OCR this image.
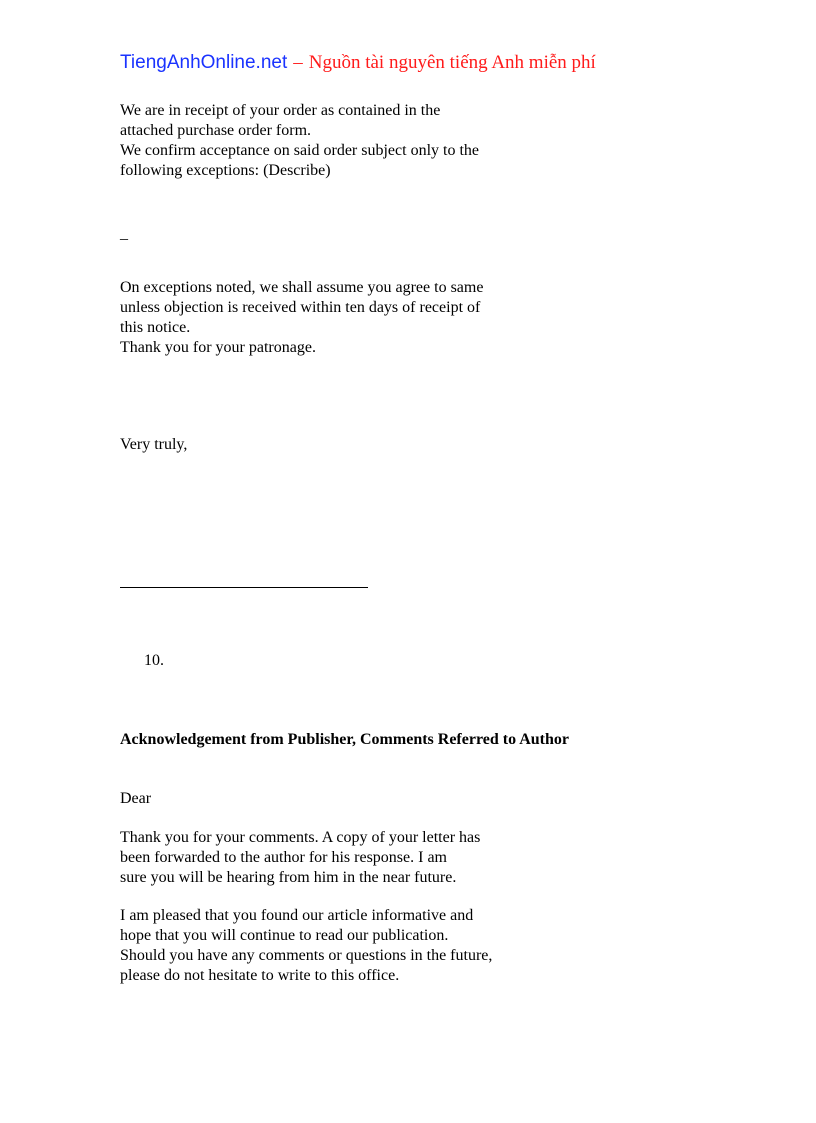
TiengAnhOnline.net – Nguồn tài nguyên tiếng Anh miễn phí
We are in receipt of your order as contained in the
attached purchase order form.
We confirm acceptance on said order subject only to the
following exceptions: (Describe)
_
On exceptions noted, we shall assume you agree to same
unless objection is received within ten days of receipt of
this notice.
Thank you for your patronage.
Very truly,
10.
Acknowledgement from Publisher, Comments Referred to Author
Dear
Thank you for your comments. A copy of your letter has
been forwarded to the author for his response. I am
sure you will be hearing from him in the near future.
I am pleased that you found our article informative and
hope that you will continue to read our publication.
Should you have any comments or questions in the future,
please do not hesitate to write to this office.
